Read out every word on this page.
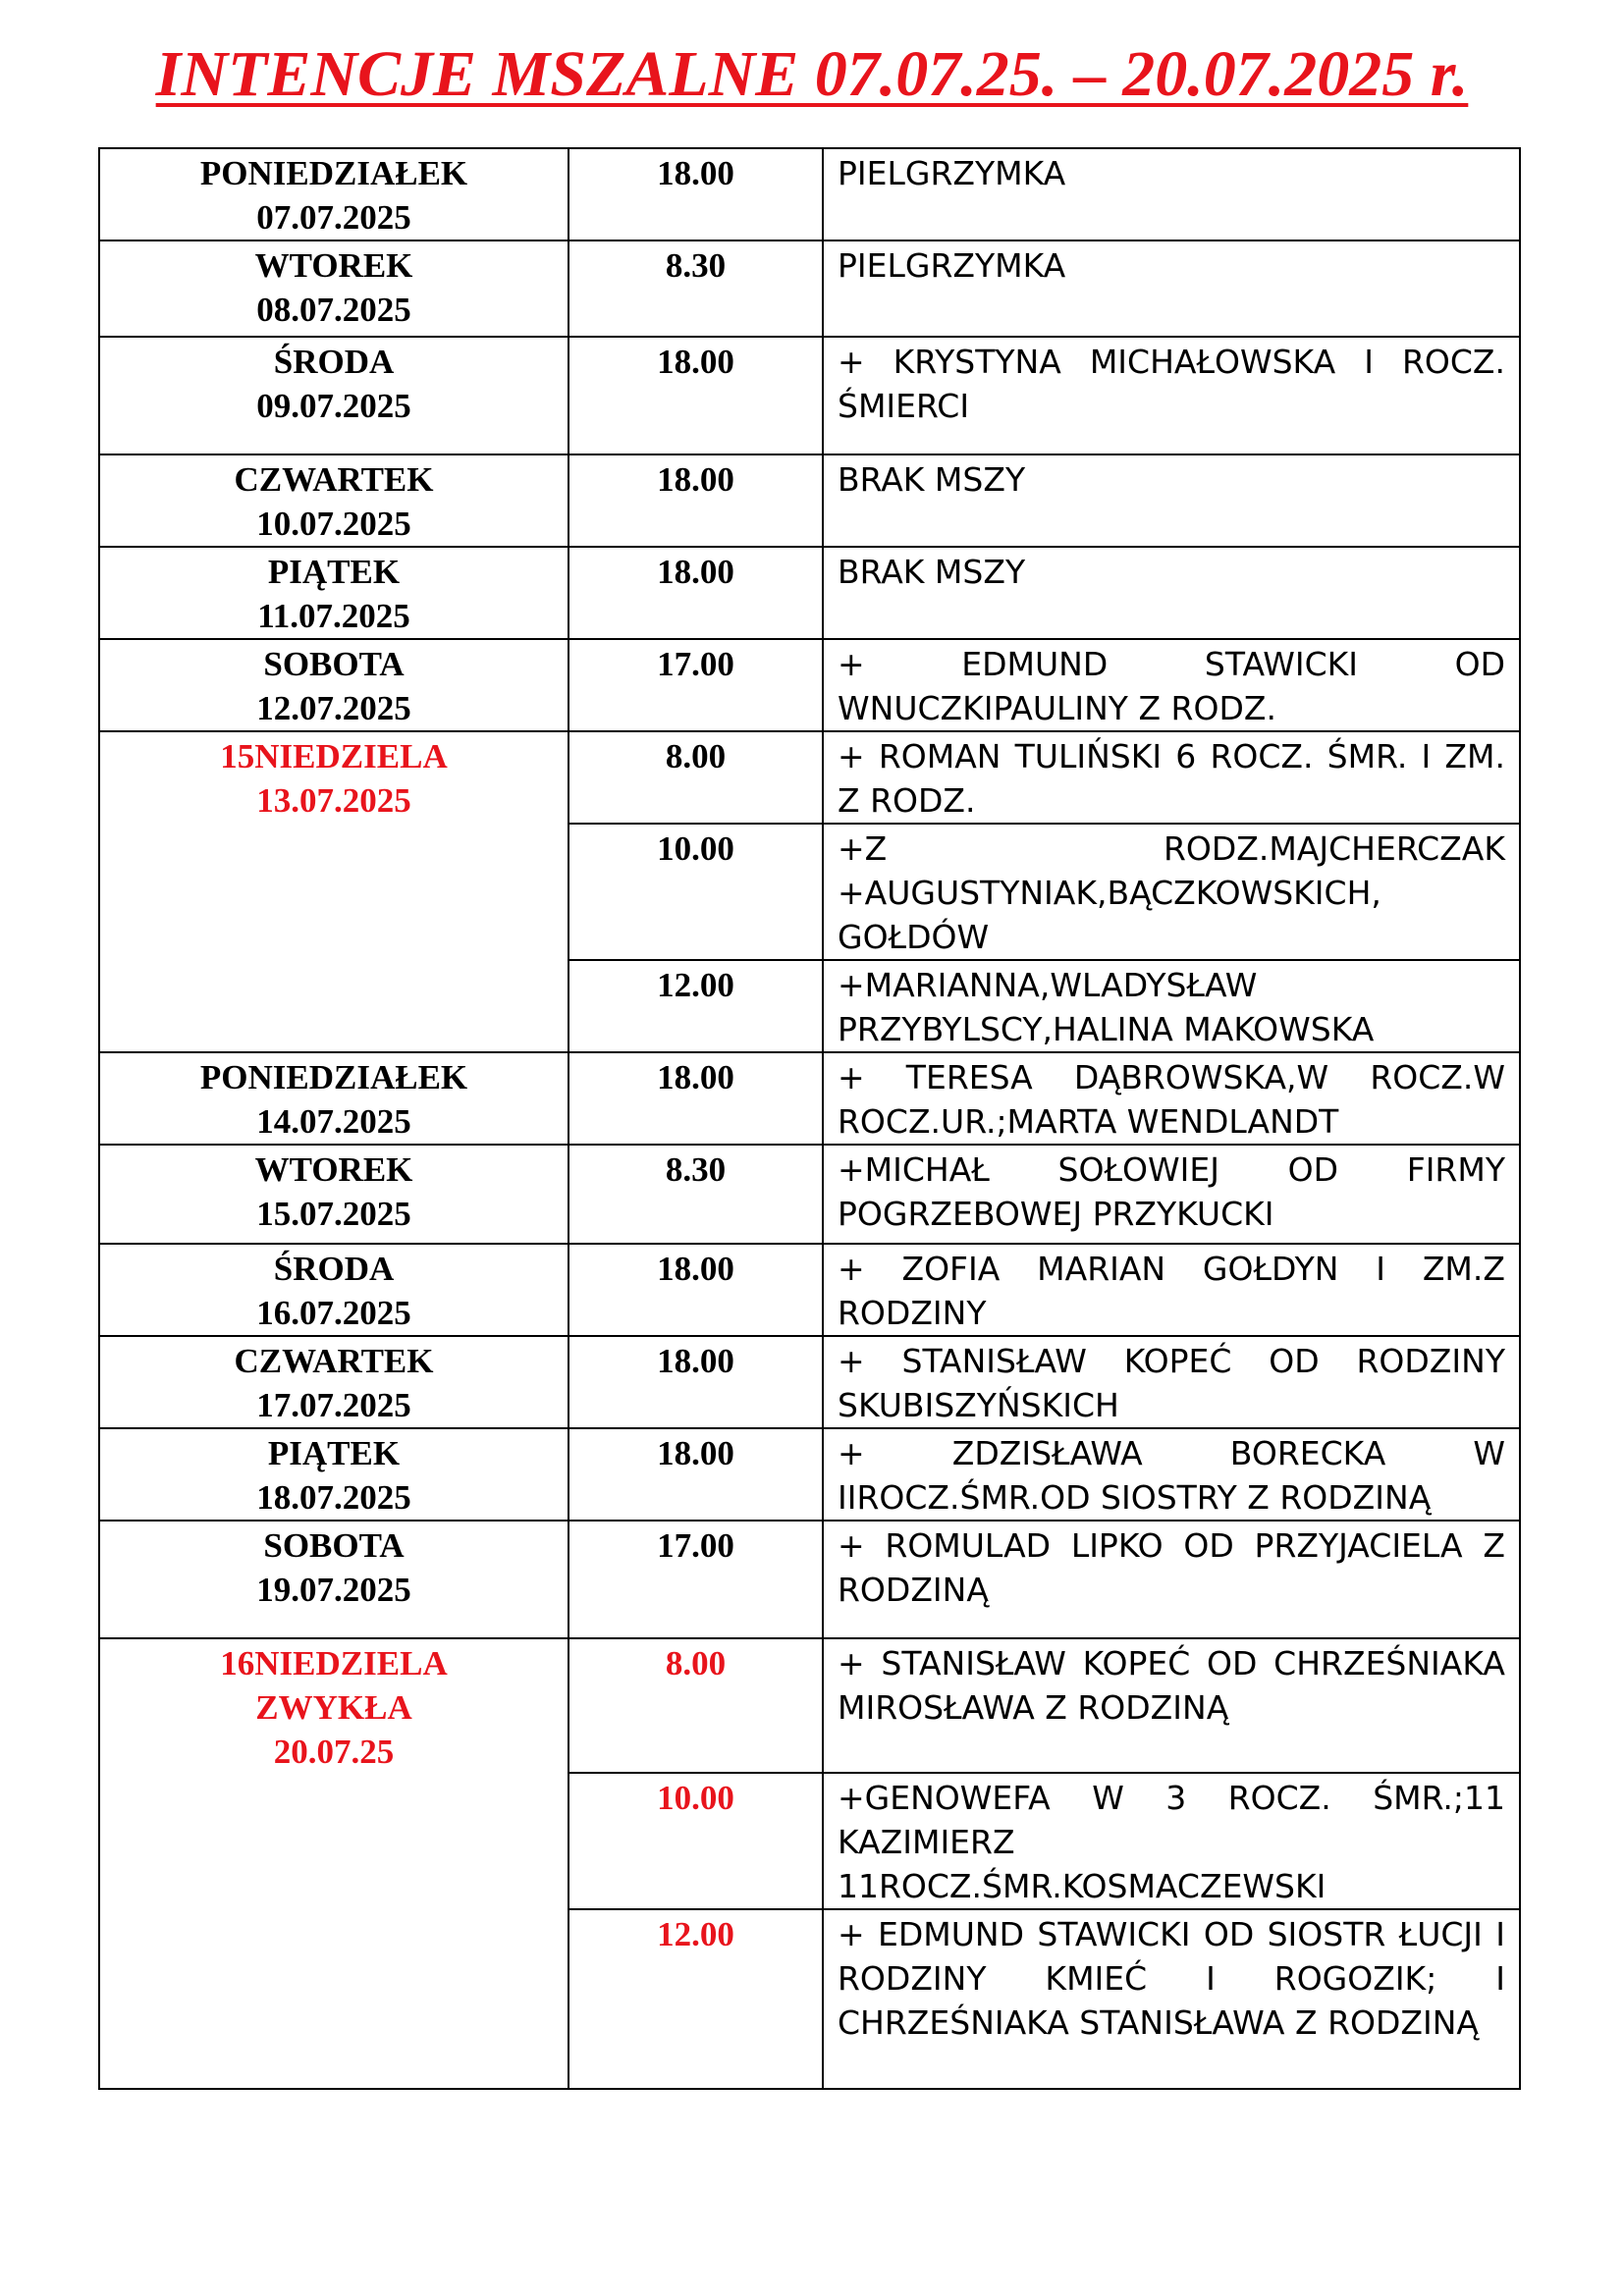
INTENCJE MSZALNE 07.07.25. – 20.07.2025 r.
PONIEDZIAŁEK
07.07.2025	18.00	PIELGRZYMKA

WTOREK
08.07.2025	8.30	PIELGRZYMKA

ŚRODA
09.07.2025	18.00	+ KRYSTYNA MICHAŁOWSKA I ROCZ. ŚMIERCI

CZWARTEK
10.07.2025	18.00	BRAK MSZY

PIĄTEK
11.07.2025	18.00	BRAK MSZY

SOBOTA
12.07.2025	17.00	+ EDMUND STAWICKI OD WNUCZKIPAULINY Z RODZ.

15NIEDZIELA
13.07.2025	8.00	+ ROMAN TULIŃSKI 6 ROCZ. ŚMR. I ZM. Z RODZ.
	10.00	+Z RODZ.MAJCHERCZAK +AUGUSTYNIAK,BĄCZKOWSKICH, GOŁDÓW
	12.00	+MARIANNA,WLADYSŁAW PRZYBYLSCY,HALINA MAKOWSKA

PONIEDZIAŁEK
14.07.2025	18.00	+ TERESA DĄBROWSKA,W ROCZ.W ROCZ.UR.;MARTA WENDLANDT

WTOREK
15.07.2025	8.30	+MICHAŁ SOŁOWIEJ OD FIRMY POGRZEBOWEJ PRZYKUCKI

ŚRODA
16.07.2025	18.00	+ ZOFIA MARIAN GOŁDYN I ZM.Z RODZINY

CZWARTEK
17.07.2025	18.00	+ STANISŁAW KOPEĆ OD RODZINY SKUBISZYŃSKICH

PIĄTEK
18.07.2025	18.00	+ ZDZISŁAWA BORECKA W IIROCZ.ŚMR.OD SIOSTRY Z RODZINĄ

SOBOTA
19.07.2025	17.00	+ ROMULAD LIPKO OD PRZYJACIELA Z RODZINĄ

16NIEDZIELA
ZWYKŁA
20.07.25	8.00	+ STANISŁAW KOPEĆ OD CHRZEŚNIAKA MIROSŁAWA Z RODZINĄ
	10.00	+GENOWEFA W 3 ROCZ. ŚMR.;11 KAZIMIERZ 11ROCZ.ŚMR.KOSMACZEWSKI
	12.00	+ EDMUND STAWICKI OD SIOSTR ŁUCJI I RODZINY KMIEĆ I ROGOZIK; I CHRZEŚNIAKA STANISŁAWA Z RODZINĄ
